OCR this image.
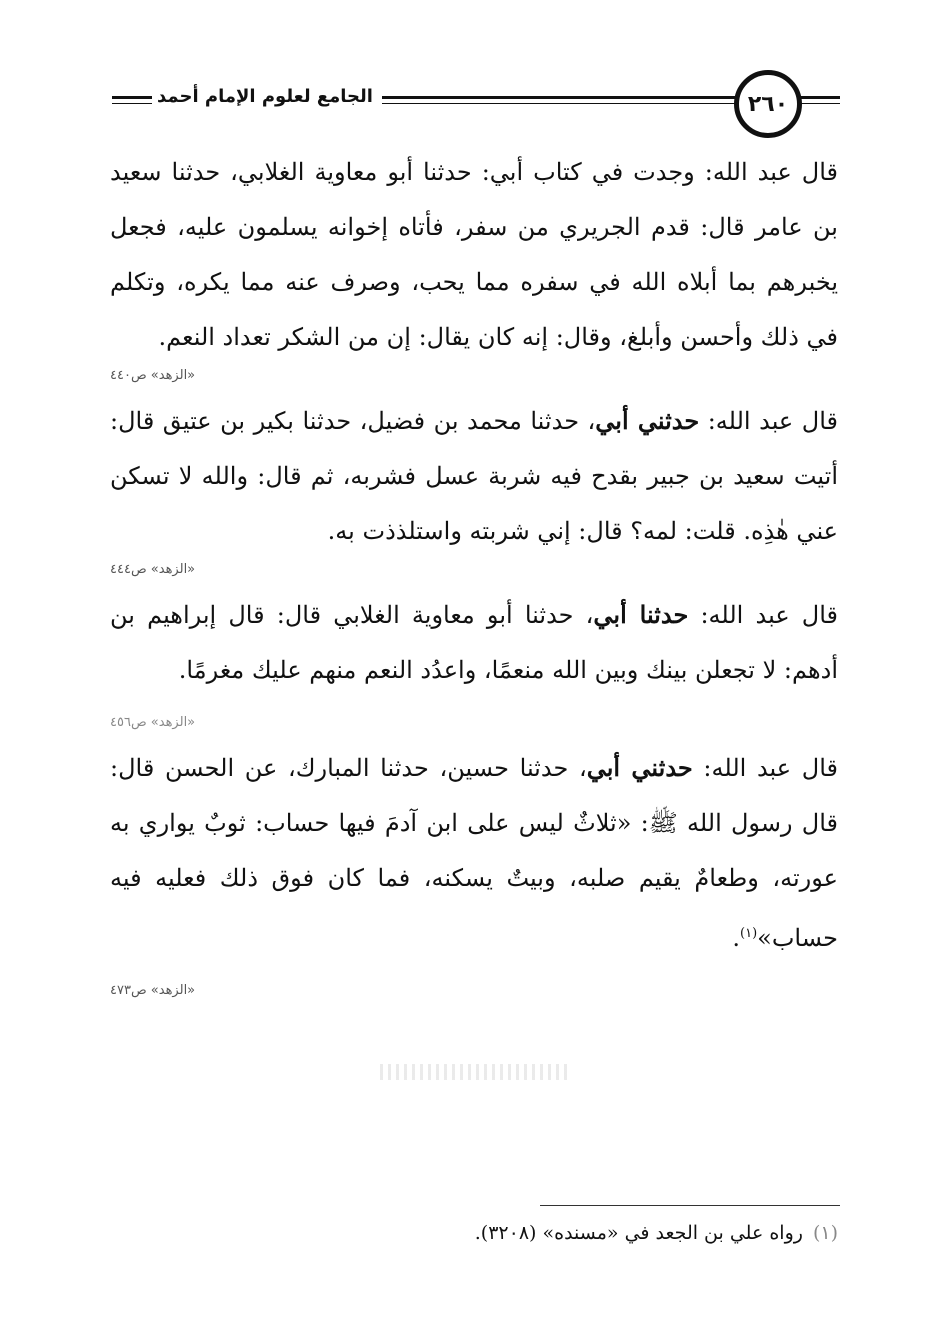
الجامع لعلوم الإمام أحمد	٢٦٠

قال عبد الله: وجدت في كتاب أبي: حدثنا أبو معاوية الغلابي، حدثنا سعيد بن عامر قال: قدم الجريري من سفر، فأتاه إخوانه يسلمون عليه، فجعل يخبرهم بما أبلاه الله في سفره مما يحب، وصرف عنه مما يكره، وتكلم في ذلك وأحسن وأبلغ، وقال: إنه كان يقال: إن من الشكر تعداد النعم.

«الزهد» ص٤٤٠

قال عبد الله: حدثني أبي، حدثنا محمد بن فضيل، حدثنا بكير بن عتيق قال: أتيت سعيد بن جبير بقدح فيه شربة عسل فشربه، ثم قال: والله لا تسكن عني هٰذِه. قلت: لمه؟ قال: إني شربته واستلذذت به.

«الزهد» ص٤٤٤

قال عبد الله: حدثنا أبي، حدثنا أبو معاوية الغلابي قال: قال إبراهيم بن أدهم: لا تجعلن بينك وبين الله منعمًا، واعدُد النعم منهم عليك مغرمًا.

«الزهد» ص٤٥٦

قال عبد الله: حدثني أبي، حدثنا حسين، حدثنا المبارك، عن الحسن قال: قال رسول الله ﷺ: «ثلاثٌ ليس على ابن آدمَ فيها حساب: ثوبٌ يواري به عورته، وطعامٌ يقيم صلبه، وبيتٌ يسكنه، فما كان فوق ذلك فعليه فيه حساب»$^{(١)}$.

«الزهد» ص٤٧٣

(١)رواه علي بن الجعد في «مسنده» (٣٢٠٨).
